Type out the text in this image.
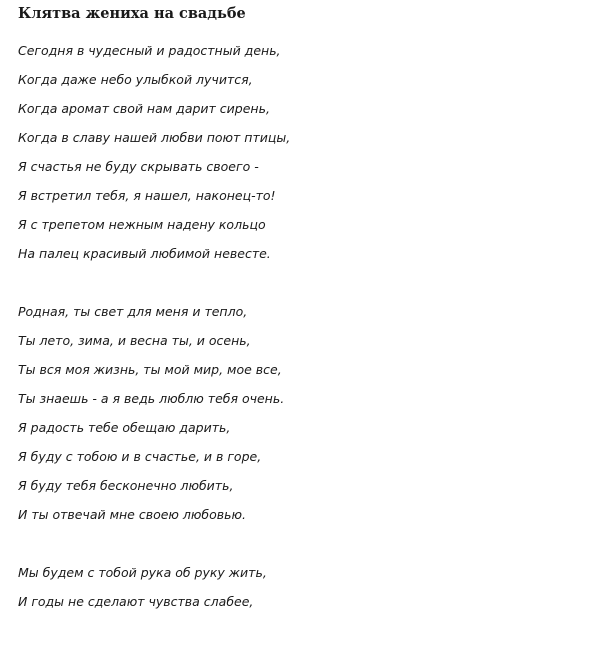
Клятва жениха на свадьбе
Сегодня в чудесный и радостный день,
Когда даже небо улыбкой лучится,
Когда аромат свой нам дарит сирень,
Когда в славу нашей любви поют птицы,
Я счастья не буду скрывать своего -
Я встретил тебя, я нашел, наконец-то!
Я с трепетом нежным надену кольцо
На палец красивый любимой невесте.
Родная, ты свет для меня и тепло,
Ты лето, зима, и весна ты, и осень,
Ты вся моя жизнь, ты мой мир, мое все,
Ты знаешь - а я ведь люблю тебя очень.
Я радость тебе обещаю дарить,
Я буду с тобою и в счастье, и в горе,
Я буду тебя бесконечно любить,
И ты отвечай мне своею любовью.
Мы будем с тобой рука об руку жить,
И годы не сделают чувства слабее,
